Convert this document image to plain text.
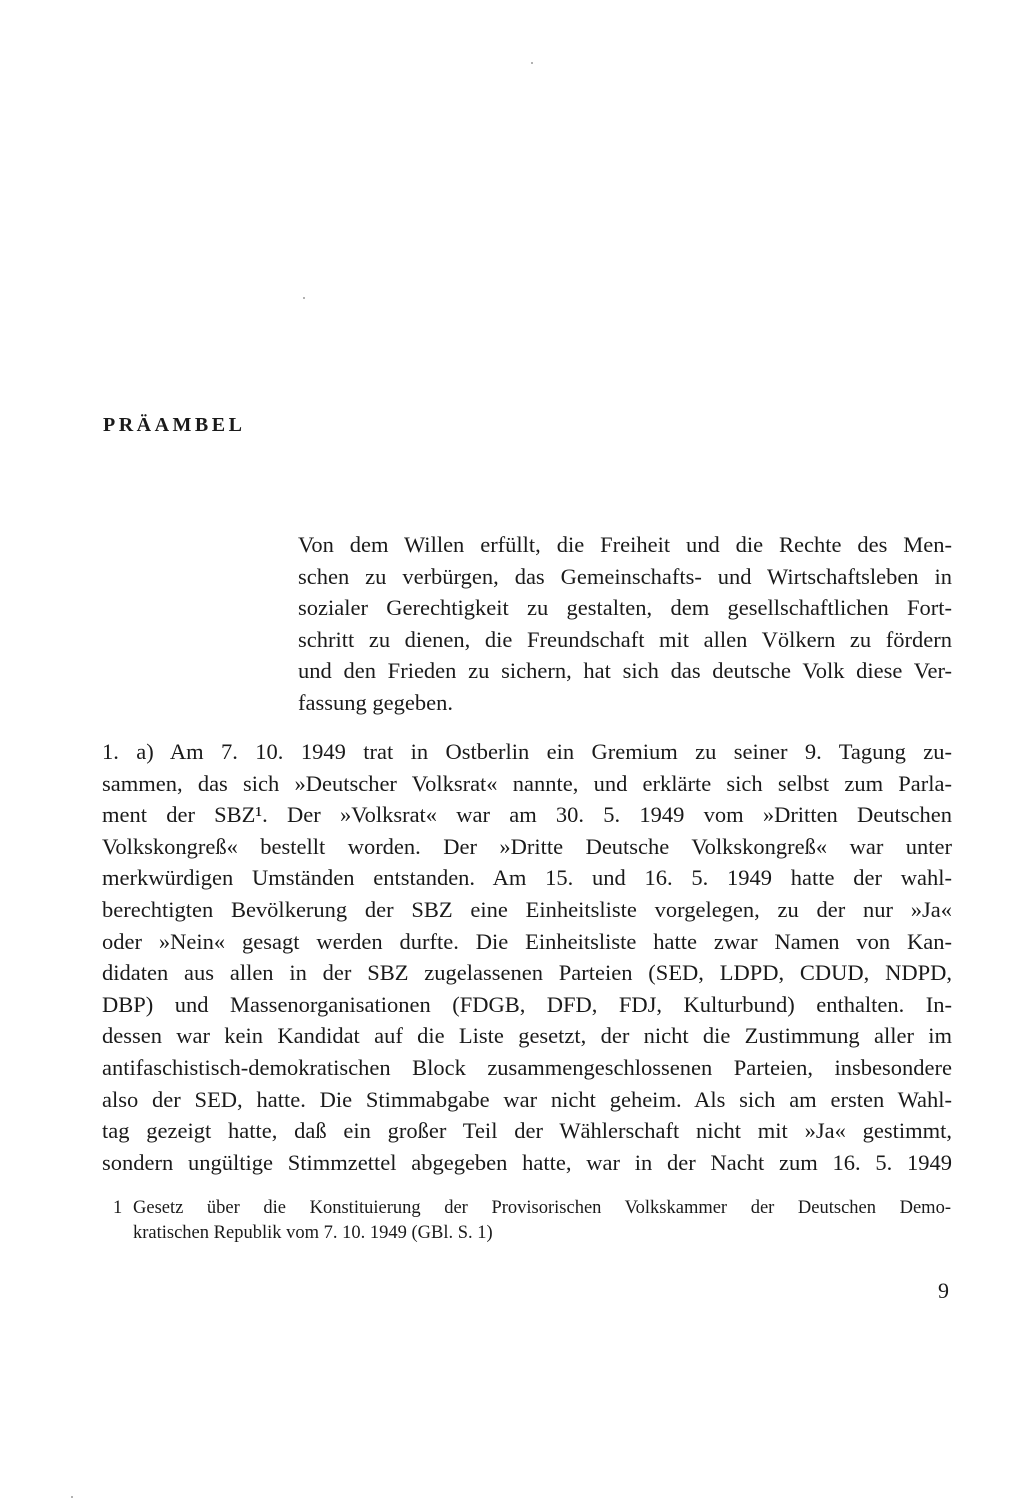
PRÄAMBEL
Von dem Willen erfüllt, die Freiheit und die Rechte des Men-
schen zu verbürgen, das Gemeinschafts- und Wirtschaftsleben in
sozialer Gerechtigkeit zu gestalten, dem gesellschaftlichen Fort-
schritt zu dienen, die Freundschaft mit allen Völkern zu fördern
und den Frieden zu sichern, hat sich das deutsche Volk diese Ver-
fassung gegeben.
1. a) Am 7. 10. 1949 trat in Ostberlin ein Gremium zu seiner 9. Tagung zu-
sammen, das sich »Deutscher Volksrat« nannte, und erklärte sich selbst zum Parla-
ment der SBZ¹. Der »Volksrat« war am 30. 5. 1949 vom »Dritten Deutschen
Volkskongreß« bestellt worden. Der »Dritte Deutsche Volkskongreß« war unter
merkwürdigen Umständen entstanden. Am 15. und 16. 5. 1949 hatte der wahl-
berechtigten Bevölkerung der SBZ eine Einheitsliste vorgelegen, zu der nur »Ja«
oder »Nein« gesagt werden durfte. Die Einheitsliste hatte zwar Namen von Kan-
didaten aus allen in der SBZ zugelassenen Parteien (SED, LDPD, CDUD, NDPD,
DBP) und Massenorganisationen (FDGB, DFD, FDJ, Kulturbund) enthalten. In-
dessen war kein Kandidat auf die Liste gesetzt, der nicht die Zustimmung aller im
antifaschistisch-demokratischen Block zusammengeschlossenen Parteien, insbesondere
also der SED, hatte. Die Stimmabgabe war nicht geheim. Als sich am ersten Wahl-
tag gezeigt hatte, daß ein großer Teil der Wählerschaft nicht mit »Ja« gestimmt,
sondern ungültige Stimmzettel abgegeben hatte, war in der Nacht zum 16. 5. 1949
1 Gesetz über die Konstituierung der Provisorischen Volkskammer der Deutschen Demo-
kratischen Republik vom 7. 10. 1949 (GBl. S. 1)
9
